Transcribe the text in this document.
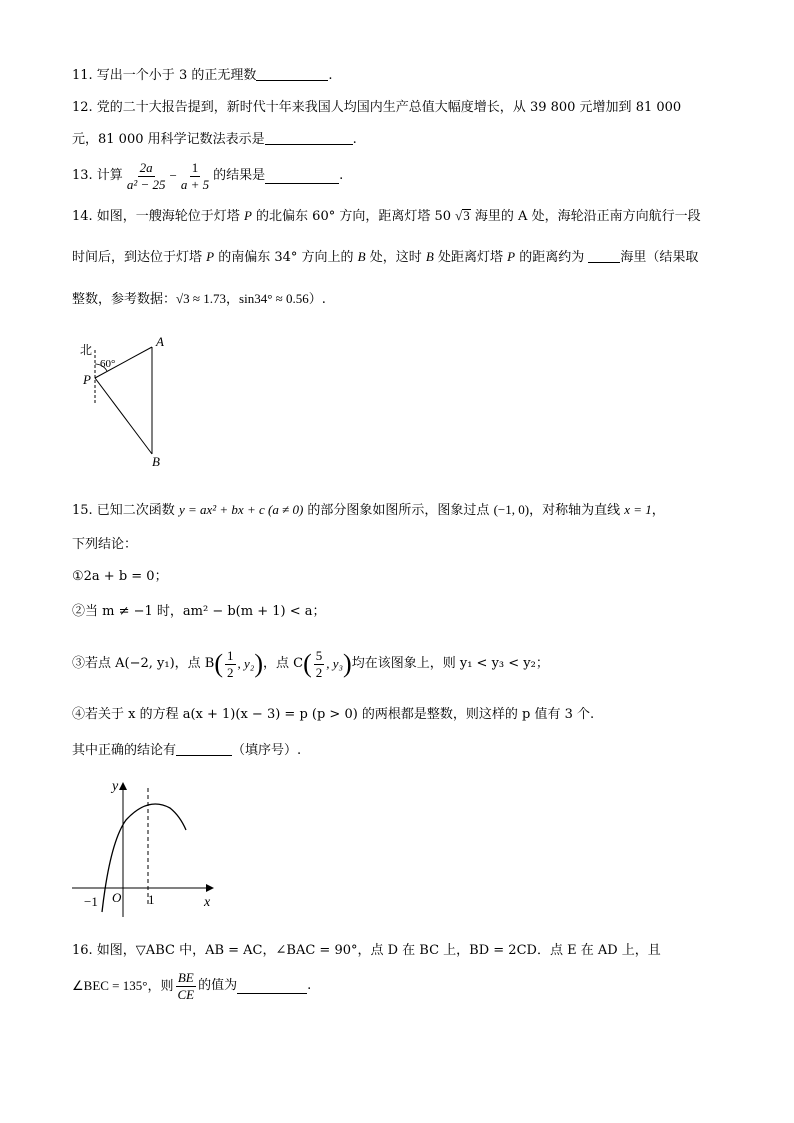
11. 写出一个小于 3 的正无理数	.
12. 党的二十大报告提到，新时代十年来我国人均国内生产总值大幅度增长，从 39 800 元增加到 81 000
元，81 000 用科学记数法表示是	.
13. 计算 $\frac{2a}{\text{a² − 25}} - \frac{1}{a + 5}$ 的结果是	.
14. 如图，一艘海轮位于灯塔 P 的北偏东 60° 方向，距离灯塔 50 √3 海里的 A 处，海轮沿正南方向航行一段
时间后，到达位于灯塔 P 的南偏东 34° 方向上的 B 处，这时 B 处距离灯塔 P 的距离约为	海里（结果取
整数，参考数据：√3 ≈ 1.73，sin34° ≈ 0.56）.
北
60°
P
A
B
15. 已知二次函数 y = ax² + bx + c (a ≠ 0) 的部分图象如图所示，图象过点 (−1, 0)，对称轴为直线 x = 1，
下列结论：
①2a + b = 0；
②当 m ≠ −1 时，am² − b(m + 1) < a；
③若点 A(−2, y₁)，点 B ( $\frac{1}{2}$ , y₂ ) ，点 C ( $\frac{5}{2}$ , y₃ ) 均在该图象上，则 y₁ < y₃ < y₂；
④若关于 x 的方程 a(x + 1)(x − 3) = p (p > 0) 的两根都是整数，则这样的 p 值有 3 个.
其中正确的结论有	（填序号）.
y
x
O
−1	1
16. 如图，▽ABC 中，AB = AC，∠BAC = 90°，点 D 在 BC 上，BD = 2CD．点 E 在 AD 上，且
∠BEC = 135°，则 $\frac{BE}{CE}$ 的值为	.
